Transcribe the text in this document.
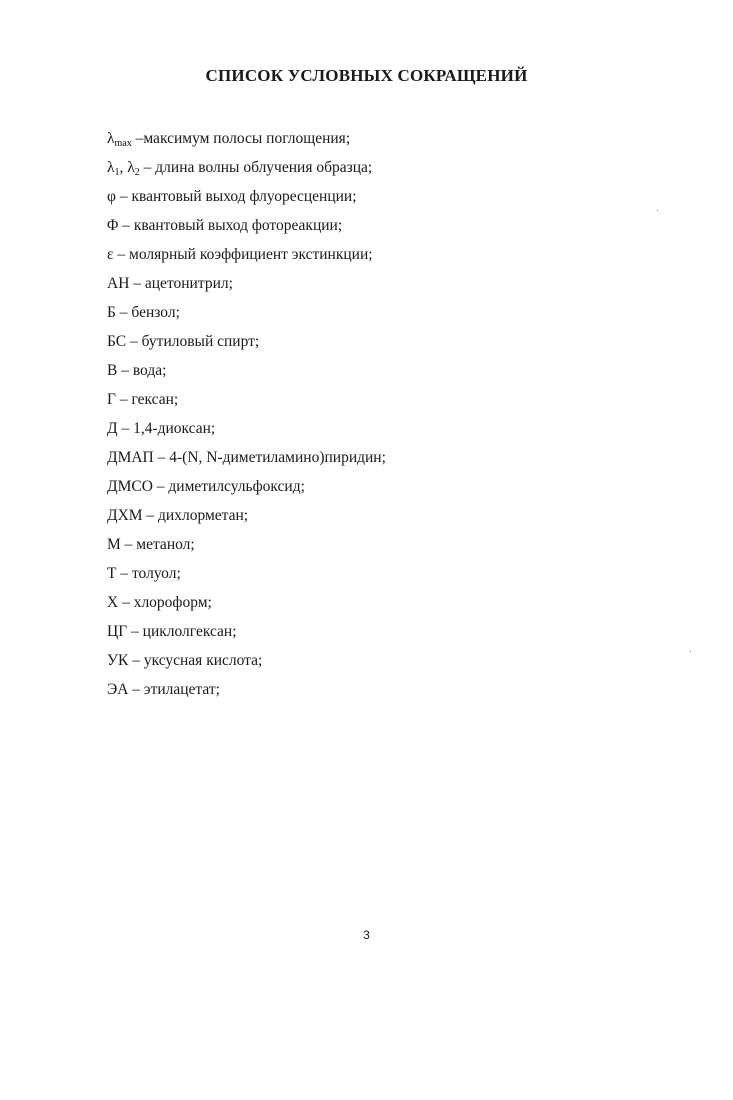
СПИСОК УСЛОВНЫХ СОКРАЩЕНИЙ
$\lambda_{max}$ –максимум полосы поглощения;
$\lambda_1$, $\lambda_2$ – длина волны облучения образца;
φ – квантовый выход флуоресценции;
Φ – квантовый выход фотореакции;
ε – молярный коэффициент экстинкции;
АН – ацетонитрил;
Б – бензол;
БС – бутиловый спирт;
В – вода;
Г – гексан;
Д – 1,4-диоксан;
ДМАП – 4-(N, N-диметиламино)пиридин;
ДМСО – диметилсульфоксид;
ДХМ – дихлорметан;
М – метанол;
Т – толуол;
Х – хлороформ;
ЦГ – циклолгексан;
УК – уксусная кислота;
ЭА – этилацетат;
3
